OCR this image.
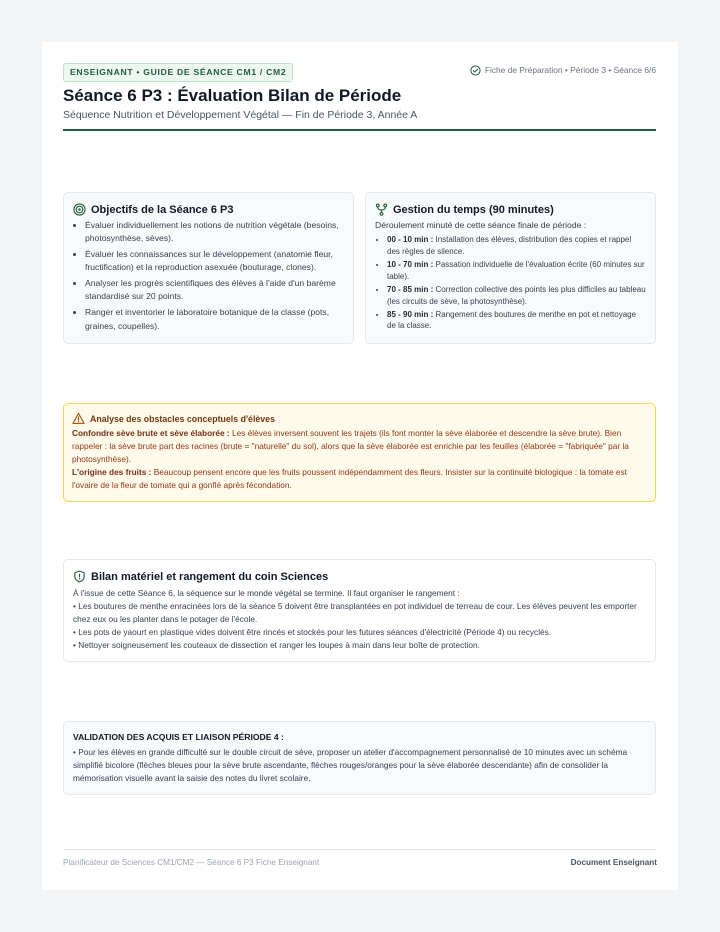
ENSEIGNANT • GUIDE DE SÉANCE CM1 / CM2	Fiche de Préparation • Période 3 • Séance 6/6
Séance 6 P3 : Évaluation Bilan de Période
Séquence Nutrition et Développement Végétal — Fin de Période 3, Année A
Objectifs de la Séance 6 P3
• Évaluer individuellement les notions de nutrition végétale (besoins, photosynthèse, sèves).
• Évaluer les connaissances sur le développement (anatomie fleur, fructification) et la reproduction asexuée (bouturage, clones).
• Analyser les progrès scientifiques des élèves à l'aide d'un barème standardisé sur 20 points.
• Ranger et inventorier le laboratoire botanique de la classe (pots, graines, coupelles).
Gestion du temps (90 minutes)
Déroulement minuté de cette séance finale de période :
• 00 - 10 min : Installation des élèves, distribution des copies et rappel des règles de silence.
• 10 - 70 min : Passation individuelle de l'évaluation écrite (60 minutes sur table).
• 70 - 85 min : Correction collective des points les plus difficiles au tableau (les circuits de sève, la photosynthèse).
• 85 - 90 min : Rangement des boutures de menthe en pot et nettoyage de la classe.
Analyse des obstacles conceptuels d'élèves

Confondre sève brute et sève élaborée : Les élèves inversent souvent les trajets (ils font monter la sève élaborée et descendre la sève brute). Bien rappeler : la sève brute part des racines (brute = "naturelle" du sol), alors que la sève élaborée est enrichie par les feuilles (élaborée = "fabriquée" par la photosynthèse).

L'origine des fruits : Beaucoup pensent encore que les fruits poussent indépendamment des fleurs. Insister sur la continuité biologique : la tomate est l'ovaire de la fleur de tomate qui a gonflé après fécondation.

Bilan matériel et rangement du coin Sciences
À l'issue de cette Séance 6, la séquence sur le monde végétal se termine. Il faut organiser le rangement :
• Les boutures de menthe enracinées lors de la séance 5 doivent être transplantées en pot individuel de terreau de cour. Les élèves peuvent les emporter chez eux ou les planter dans le potager de l'école.
• Les pots de yaourt en plastique vides doivent être rincés et stockés pour les futures séances d'électricité (Période 4) ou recyclés.
• Nettoyer soigneusement les couteaux de dissection et ranger les loupes à main dans leur boîte de protection.
VALIDATION DES ACQUIS ET LIAISON PÉRIODE 4 :
• Pour les élèves en grande difficulté sur le double circuit de sève, proposer un atelier d'accompagnement personnalisé de 10 minutes avec un schéma simplifié bicolore (flèches bleues pour la sève brute ascendante, flèches rouges/oranges pour la sève élaborée descendante) afin de consolider la mémorisation visuelle avant la saisie des notes du livret scolaire.
Planificateur de Sciences CM1/CM2 — Séance 6 P3 Fiche Enseignant	Document Enseignant
